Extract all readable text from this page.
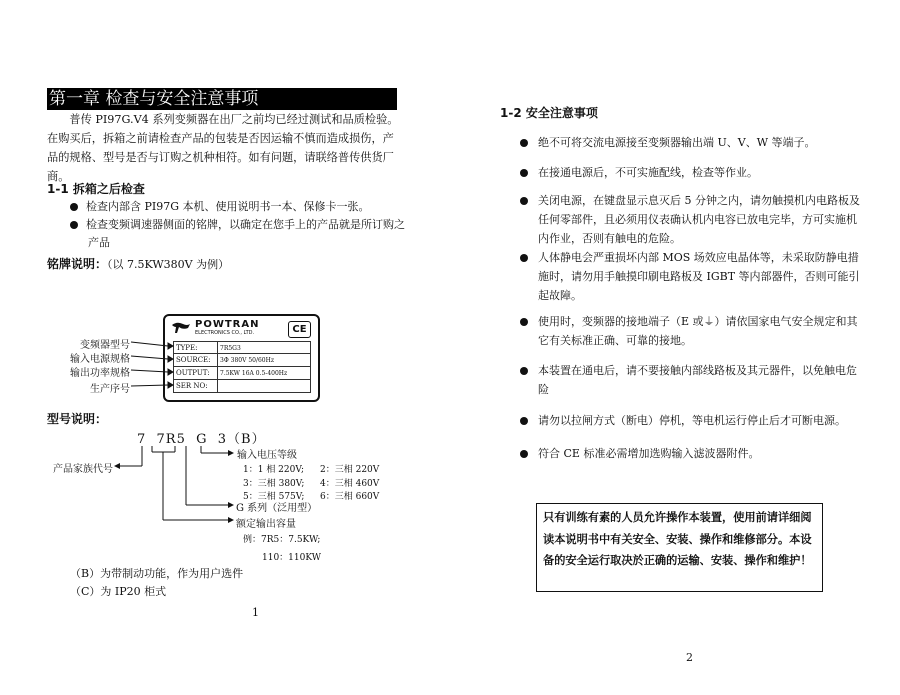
第一章 检查与安全注意事项
普传 PI97G.V4 系列变频器在出厂之前均已经过测试和品质检验。在购买后，拆箱之前请检查产品的包装是否因运输不慎而造成损伤，产品的规格、型号是否与订购之机种相符。如有问题，请联络普传供货厂商。
1-1 拆箱之后检查
检查内部含 PI97G 本机、使用说明书一本、保修卡一张。
检查变频调速器侧面的铭牌，以确定在您手上的产品就是所订购之产品
铭牌说明：（以 7.5KW380V 为例）
POWTRAN
ELECTRONICS CO., LTD.	CE
TYPE:	7R5G3
SOURCE: 3Φ 380V 50/60Hz
OUTPUT: 7.5KW 16A 0.5-400Hz
SER NO:
变频器型号
输入电源规格
输出功率规格
生产序号
型号说明：
7  7R5  G  3（B）
输入电压等级
1：1 相 220V; 2：三相 220V
3：三相 380V; 4：三相 460V
5：三相 575V; 6：三相 660V
产品家族代号
G 系列（泛用型）
额定输出容量
例：7R5：7.5KW;
110：110KW
（B）为带制动功能，作为用户选件
（C）为 IP20 柜式
1
1-2 安全注意事项
绝不可将交流电源接至变频器输出端 U、V、W 等端子。
在接通电源后，不可实施配线，检查等作业。
关闭电源，在键盘显示息灭后 5 分钟之内，请勿触摸机内电路板及任何零部件，且必须用仪表确认机内电容已放电完毕，方可实施机内作业，否则有触电的危险。
人体静电会严重损坏内部 MOS 场效应电晶体等，未采取防静电措施时，请勿用手触摸印刷电路板及 IGBT 等内部器件，否则可能引起故障。
使用时，变频器的接地端子（E 或⏚）请依国家电气安全规定和其它有关标准正确、可靠的接地。
本装置在通电后，请不要接触内部线路板及其元器件，以免触电危险
请勿以拉闸方式（断电）停机，等电机运行停止后才可断电源。
符合 CE 标准必需增加选购输入滤波器附件。
只有训练有素的人员允许操作本装置，使用前请详细阅读本说明书中有关安全、安装、操作和维修部分。本设备的安全运行取决於正确的运输、安装、操作和维护！
2
